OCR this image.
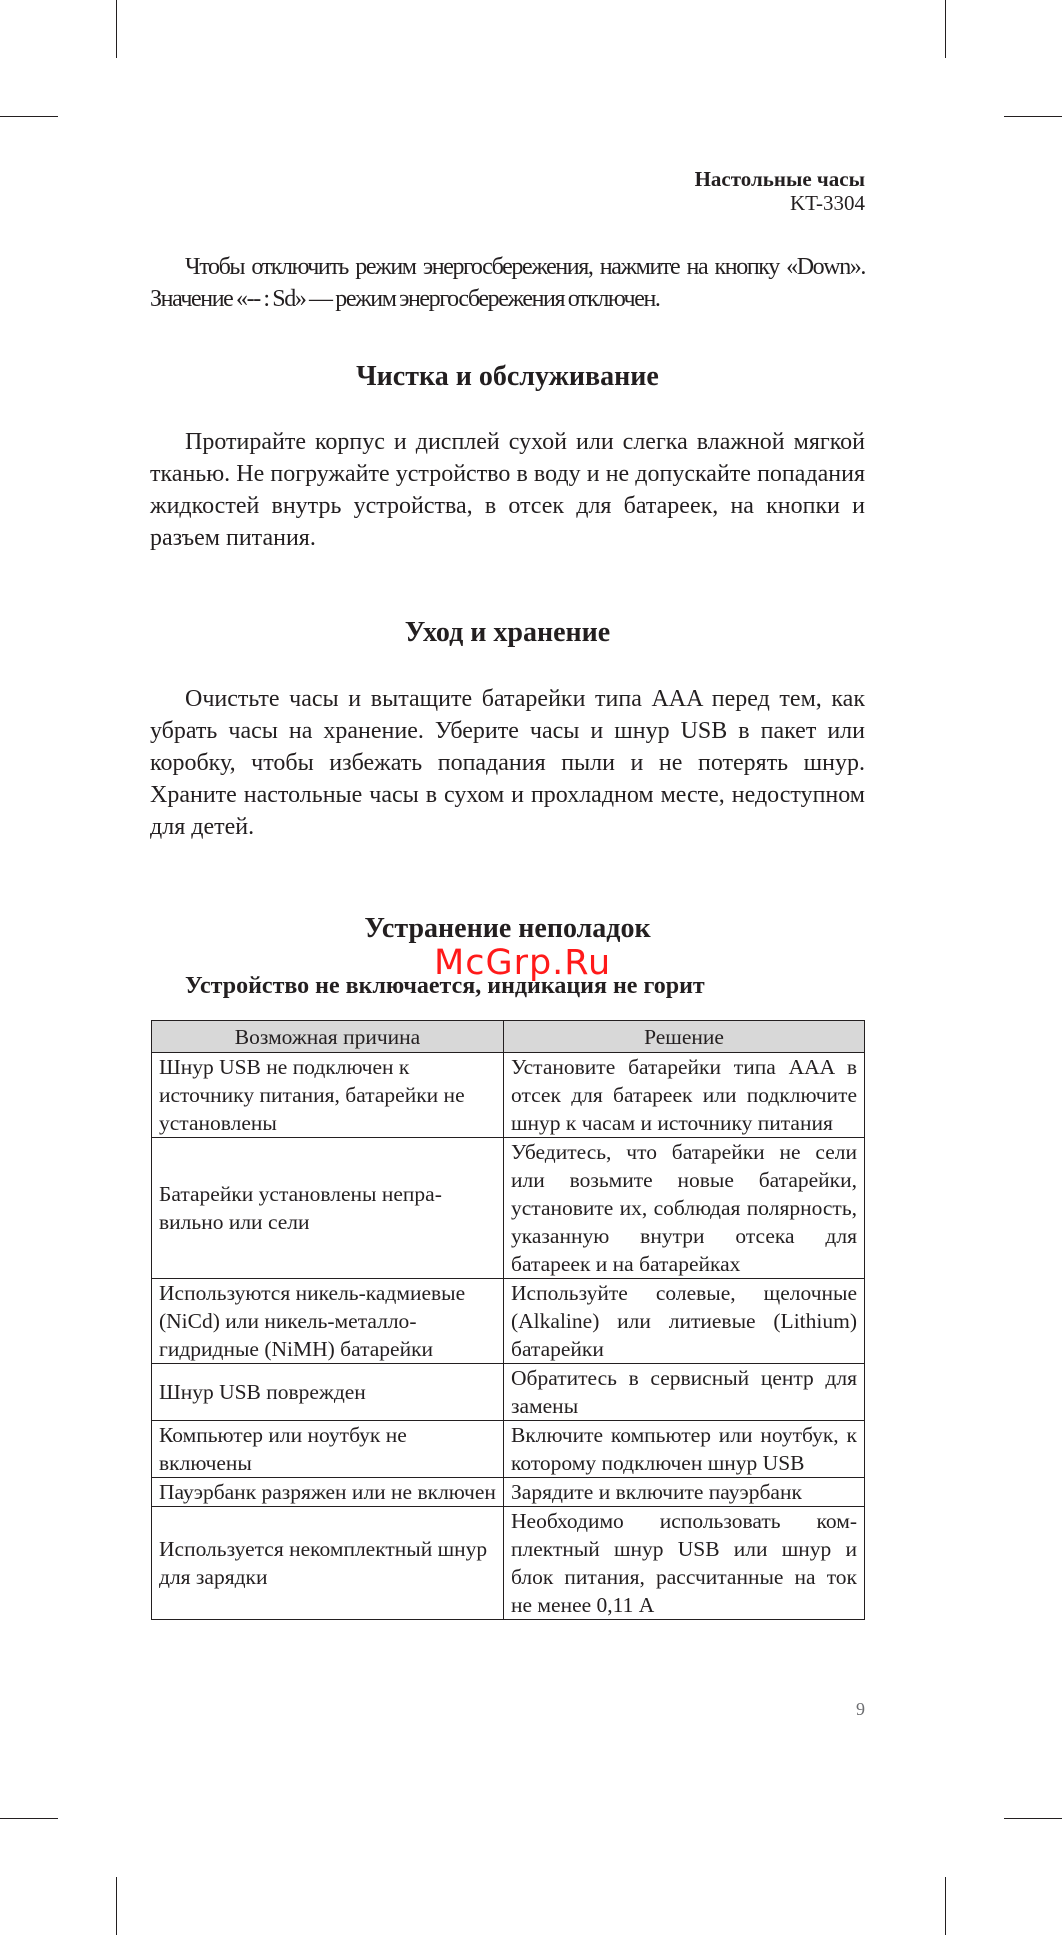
Настольные часы
KT-3304

Чтобы отключить режим энергосбережения, нажмите на кнопку «Down». Значение «-- : Sd» — режим энергосбережения отключен.

Чистка и обслуживание

Протирайте корпус и дисплей сухой или слегка влажной мягкой тканью. Не погружайте устройство в воду и не допускайте попадания жидкостей внутрь устройства, в отсек для батареек, на кнопки и разъем питания.

Уход и хранение

Очистьте часы и вытащите батарейки типа AAA перед тем, как убрать часы на хранение. Уберите часы и шнур USB в пакет или коробку, чтобы избежать попадания пыли и не потерять шнур. Храните настольные часы в сухом и прохладном месте, недоступном для детей.

Устранение неполадок
Устройство не включается, индикация не горит
McGrp.Ru
Возможная причина	Решение
Шнур USB не подключен к источнику питания, батарейки не установлены	Установите батарейки типа AAA в отсек для батареек или подключите шнур к часам и источнику питания
Батарейки установлены неправильно или сели	Убедитесь, что батарейки не сели или возьмите новые батарейки, установите их, соблюдая полярность, указанную внутри отсека для батареек и на батарейках
Используются никель-кадмиевые (NiCd) или никель-металлогидридные (NiMH) батарейки	Используйте солевые, щелочные (Alkaline) или литиевые (Lithium) батарейки
Шнур USB поврежден	Обратитесь в сервисный центр для замены
Компьютер или ноутбук не включены	Включите компьютер или ноутбук, к которому подключен шнур USB
Пауэрбанк разряжен или не включен	Зарядите и включите пауэрбанк
Используется некомплектный шнур для зарядки	Необходимо использовать комплектный шнур USB или шнур и блок питания, рассчитанные на ток не менее 0,11 А
9
